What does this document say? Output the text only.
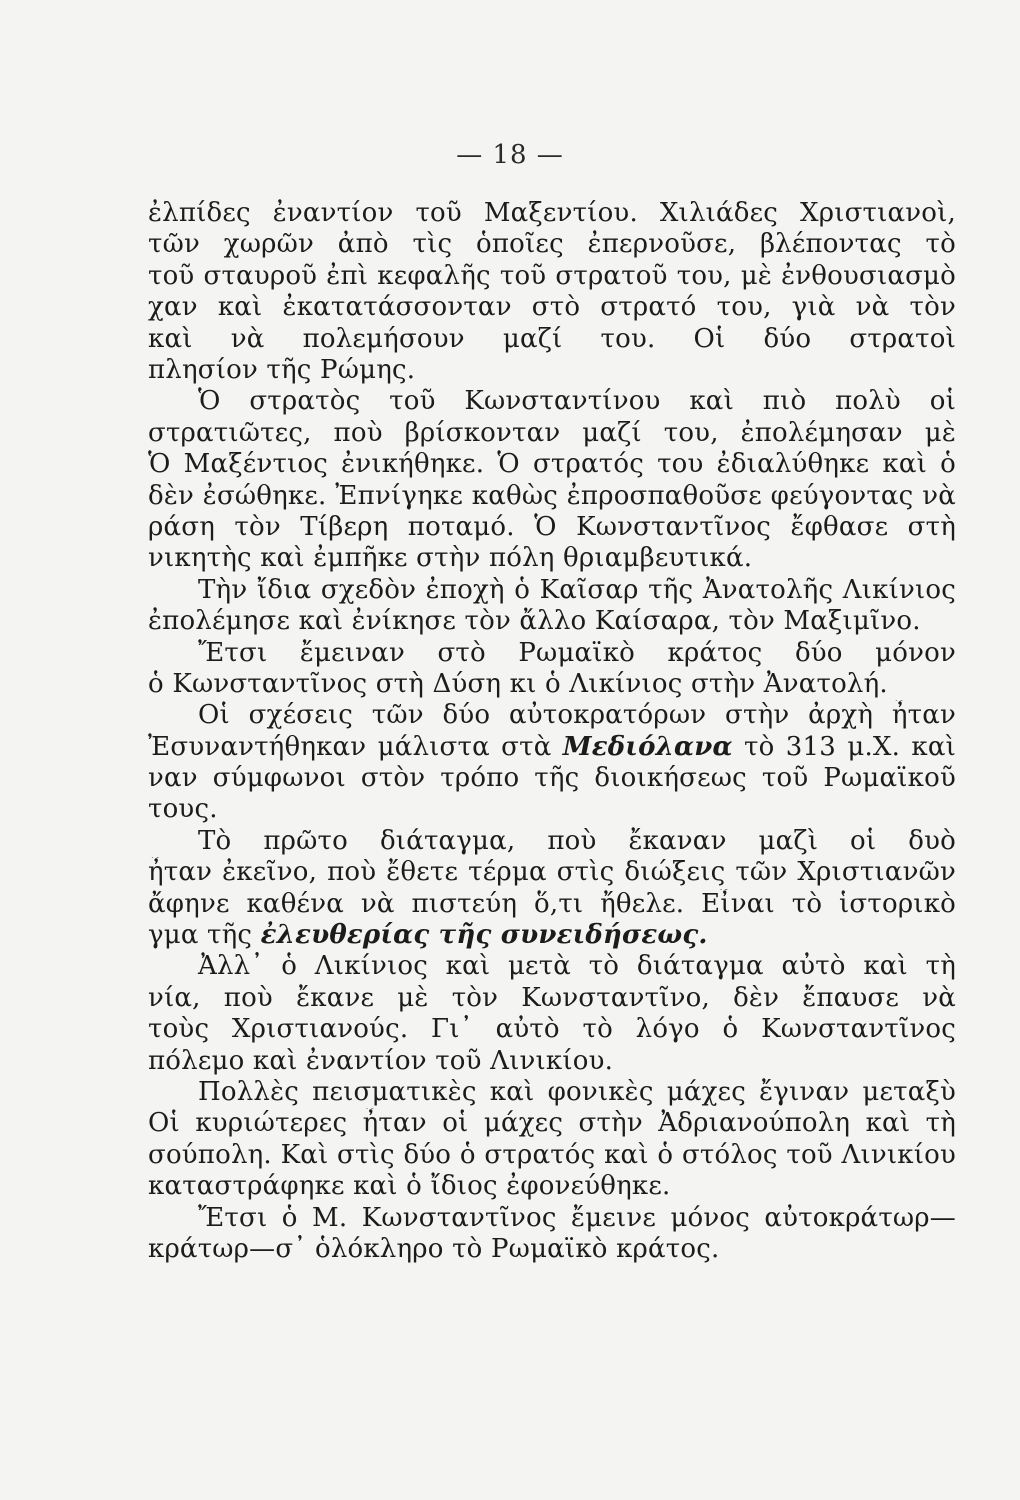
— 18 —
ἐλπίδες ἐναντίον τοῦ Μαξεντίου. Χιλιάδες Χριστιανοὶ,
τῶν χωρῶν ἀπὸ τὶς ὁποῖες ἐπερνοῦσε, βλέποντας τὸ
τοῦ σταυροῦ ἐπὶ κεφαλῆς τοῦ στρατοῦ του, μὲ ἐνθουσιασμὸ
χαν καὶ ἐκατατάσσονταν στὸ στρατό του, γιὰ νὰ τὸν
καὶ νὰ πολεμήσουν μαζί του. Οἱ δύο στρατοὶ
πλησίον τῆς Ρώμης.
Ὁ στρατὸς τοῦ Κωνσταντίνου καὶ πιὸ πολὺ οἱ
στρατιῶτες, ποὺ βρίσκονταν μαζί του, ἐπολέμησαν μὲ
Ὁ Μαξέντιος ἐνικήθηκε. Ὁ στρατός του ἐδιαλύθηκε καὶ ὁ
δὲν ἐσώθηκε. Ἐπνίγηκε καθὼς ἐπροσπαθοῦσε φεύγοντας νὰ
ράση τὸν Τίβερη ποταμό. Ὁ Κωνσταντῖνος ἔφθασε στὴ
νικητὴς καὶ ἐμπῆκε στὴν πόλη θριαμβευτικά.
Τὴν ἴδια σχεδὸν ἐποχὴ ὁ Καῖσαρ τῆς Ἀνατολῆς Λικίνιος
ἐπολέμησε καὶ ἐνίκησε τὸν ἄλλο Καίσαρα, τὸν Μαξιμῖνο.
Ἔτσι ἔμειναν στὸ Ρωμαϊκὸ κράτος δύο μόνον
ὁ Κωνσταντῖνος στὴ Δύση κι ὁ Λικίνιος στὴν Ἀνατολή.
Οἱ σχέσεις τῶν δύο αὐτοκρατόρων στὴν ἀρχὴ ἦταν
Ἐσυναντήθηκαν μάλιστα στὰ Μεδιόλανα τὸ 313 μ.Χ. καὶ
ναν σύμφωνοι στὸν τρόπο τῆς διοικήσεως τοῦ Ρωμαϊκοῦ
τους.
Τὸ πρῶτο διάταγμα, ποὺ ἔκαναν μαζὶ οἱ δυὸ
ἦταν ἐκεῖνο, ποὺ ἔθετε τέρμα στὶς διώξεις τῶν Χριστιανῶν
ἄφηνε καθένα νὰ πιστεύη ὅ,τι ἤθελε. Εἶναι τὸ ἱστορικὸ
γμα τῆς ἐλευθερίας τῆς συνειδήσεως.
Ἀλλ᾽ ὁ Λικίνιος καὶ μετὰ τὸ διάταγμα αὐτὸ καὶ τὴ
νία, ποὺ ἔκανε μὲ τὸν Κωνσταντῖνο, δὲν ἔπαυσε νὰ
τοὺς Χριστιανούς. Γι᾽ αὐτὸ τὸ λόγο ὁ Κωνσταντῖνος
πόλεμο καὶ ἐναντίον τοῦ Λινικίου.
Πολλὲς πεισματικὲς καὶ φονικὲς μάχες ἔγιναν μεταξὺ
Οἱ κυριώτερες ἦταν οἱ μάχες στὴν Ἀδριανούπολη καὶ τὴ
σούπολη. Καὶ στὶς δύο ὁ στρατός καὶ ὁ στόλος τοῦ Λινικίου
καταστράφηκε καὶ ὁ ἴδιος ἐφονεύθηκε.
Ἔτσι ὁ Μ. Κωνσταντῖνος ἔμεινε μόνος αὐτοκράτωρ—
κράτωρ—σ᾽ ὁλόκληρο τὸ Ρωμαϊκὸ κράτος.
